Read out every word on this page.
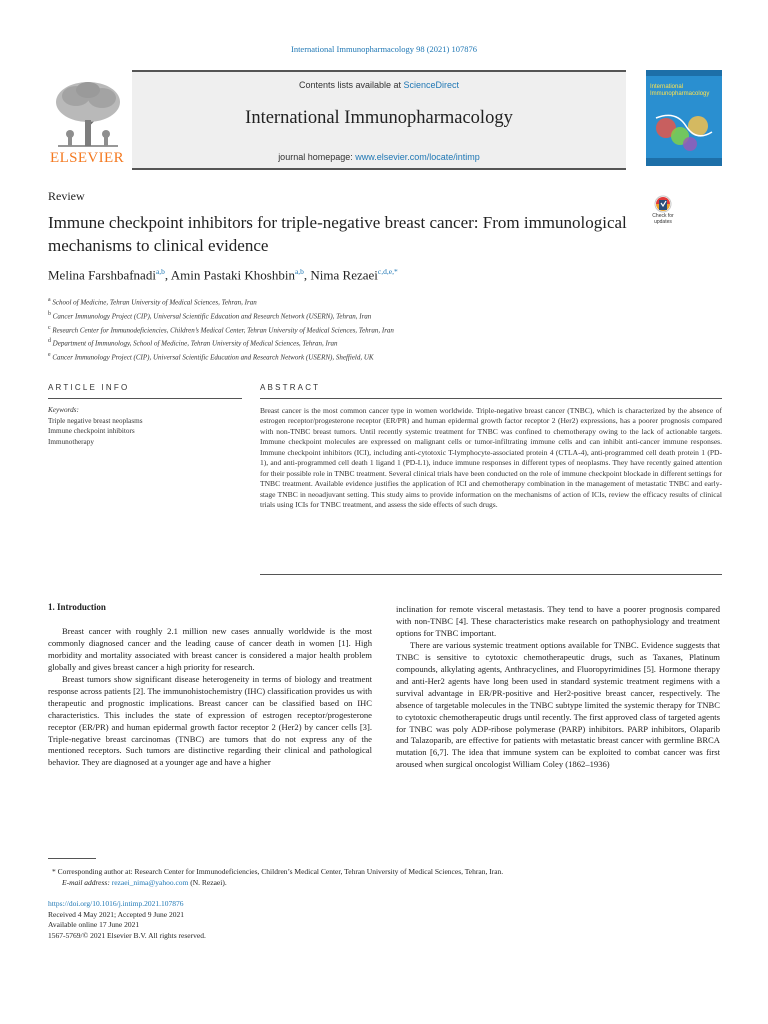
International Immunopharmacology 98 (2021) 107876
ELSEVIER
Contents lists available at ScienceDirect
International Immunopharmacology
journal homepage: www.elsevier.com/locate/intimp
International Immunopharmacology
Review
Check for updates
Immune checkpoint inhibitors for triple-negative breast cancer: From immunological mechanisms to clinical evidence
Melina Farshbafnadi$^{a,b}$, Amin Pastaki Khoshbin$^{a,b}$, Nima Rezaei$^{c,d,e,*}$
$^a$ School of Medicine, Tehran University of Medical Sciences, Tehran, Iran
$^b$ Cancer Immunology Project (CIP), Universal Scientific Education and Research Network (USERN), Tehran, Iran
$^c$ Research Center for Immunodeficiencies, Children’s Medical Center, Tehran University of Medical Sciences, Tehran, Iran
$^d$ Department of Immunology, School of Medicine, Tehran University of Medical Sciences, Tehran, Iran
$^e$ Cancer Immunology Project (CIP), Universal Scientific Education and Research Network (USERN), Sheffield, UK
ARTICLE INFO	ABSTRACT
Keywords:
Triple negative breast neoplasms
Immune checkpoint inhibitors
Immunotherapy
Breast cancer is the most common cancer type in women worldwide. Triple-negative breast cancer (TNBC), which is characterized by the absence of estrogen receptor/progesterone receptor (ER/PR) and human epidermal growth factor receptor 2 (Her2) expressions, has a poorer prognosis compared with non-TNBC breast tumors. Until recently systemic treatment for TNBC was confined to chemotherapy owing to the lack of actionable targets. Immune checkpoint molecules are expressed on malignant cells or tumor-infiltrating immune cells and can inhibit anti-cancer immune responses. Immune checkpoint inhibitors (ICI), including anti-cytotoxic T-lymphocyte-associated protein 4 (CTLA-4), anti-programmed cell death protein 1 (PD-1), and anti-programmed cell death 1 ligand 1 (PD-L1), induce immune responses in different types of neoplasms. They have recently gained attention for their possible role in TNBC treatment. Several clinical trials have been conducted on the role of immune checkpoint blockade in different settings for TNBC treatment. Available evidence justifies the application of ICI and chemotherapy combination in the management of metastatic TNBC and early-stage TNBC in neoadjuvant setting. This study aims to provide information on the mechanisms of action of ICIs, review the efficacy results of clinical trials using ICIs for TNBC treatment, and assess the side effects of such drugs.
1. Introduction

Breast cancer with roughly 2.1 million new cases annually worldwide is the most commonly diagnosed cancer and the leading cause of cancer death in women [1]. High morbidity and mortality associated with breast cancer is considered a major health problem globally and gives breast cancer a high priority for research.

Breast tumors show significant disease heterogeneity in terms of biology and treatment response across patients [2]. The immunohistochemistry (IHC) classification provides us with therapeutic and prognostic implications. Breast cancer can be classified based on IHC characteristics. This includes the state of expression of estrogen receptor/progesterone receptor (ER/PR) and human epidermal growth factor receptor 2 (Her2) by cancer cells [3]. Triple-negative breast carcinomas (TNBC) are tumors that do not express any of the mentioned receptors. Such tumors are distinctive regarding their clinical and pathological behavior. They are diagnosed at a younger age and have a higher

inclination for remote visceral metastasis. They tend to have a poorer prognosis compared with non-TNBC [4]. These characteristics make research on pathophysiology and treatment options for TNBC important.

There are various systemic treatment options available for TNBC. Evidence suggests that TNBC is sensitive to cytotoxic chemotherapeutic drugs, such as Taxanes, Platinum compounds, alkylating agents, Anthracyclines, and Fluoropyrimidines [5]. Hormone therapy and anti-Her2 agents have long been used in standard systemic treatment regimens with a survival advantage in ER/PR-positive and Her2-positive breast cancer, respectively. The absence of targetable molecules in the TNBC subtype limited the systemic therapy for TNBC to cytotoxic chemotherapeutic drugs until recently. The first approved class of targeted agents for TNBC was poly ADP-ribose polymerase (PARP) inhibitors. PARP inhibitors, Olaparib and Talazoparib, are effective for patients with metastatic breast cancer with germline BRCA mutation [6,7]. The idea that immune system can be exploited to combat cancer was first aroused when surgical oncologist William Coley (1862–1936)

* Corresponding author at: Research Center for Immunodeficiencies, Children’s Medical Center, Tehran University of Medical Sciences, Tehran, Iran.
E-mail address: rezaei_nima@yahoo.com (N. Rezaei).
https://doi.org/10.1016/j.intimp.2021.107876
Received 4 May 2021; Accepted 9 June 2021
Available online 17 June 2021
1567-5769/© 2021 Elsevier B.V. All rights reserved.
